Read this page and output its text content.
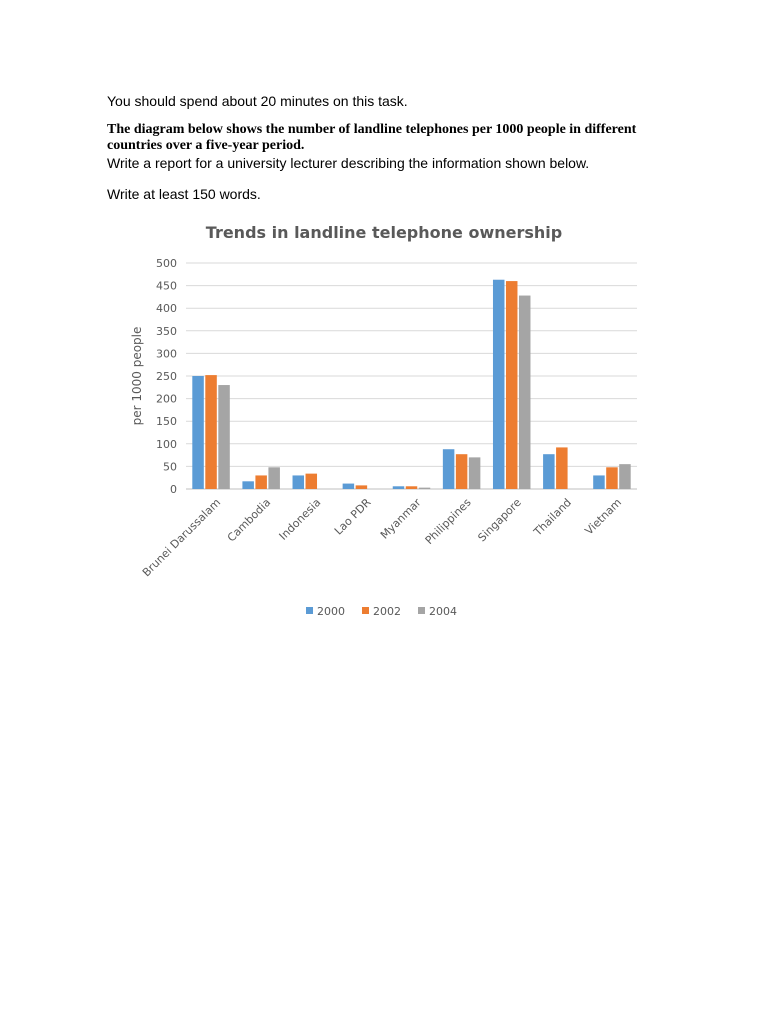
You should spend about 20 minutes on this task.
The diagram below shows the number of landline telephones per 1000 people in different countries over a five-year period.
Write a report for a university lecturer describing the information shown below.
Write at least 150 words.
Trends in landline telephone ownership
0
50
100
150
200
250
300
350
400
450
500
per 1000 people
Brunei Darussalam Cambodia Indonesia Lao PDR Myanmar Philippines Singapore Thailand Vietnam
2000	2002	2004
